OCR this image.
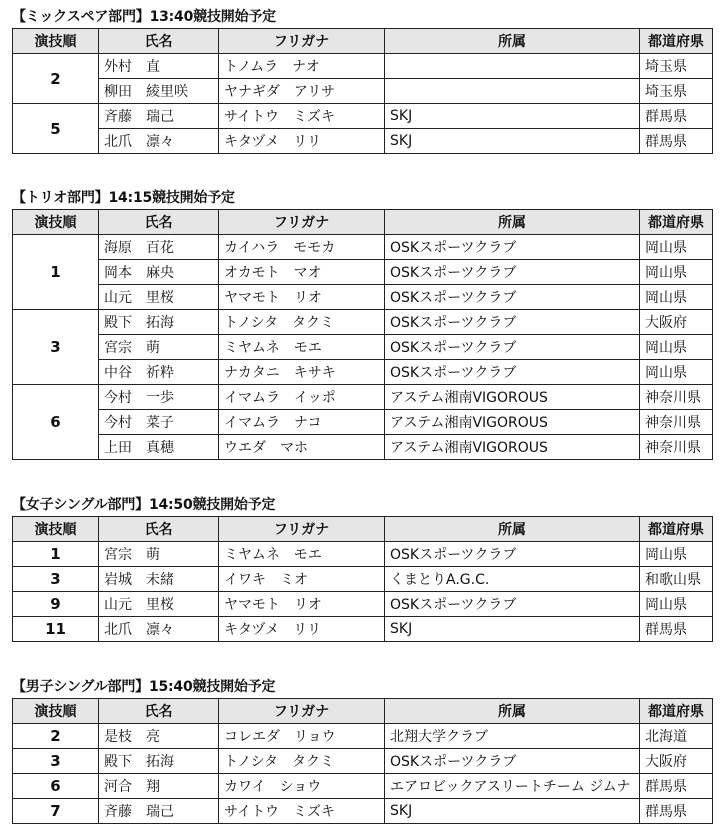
【ミックスペア部門】13:40競技開始予定
演技順	氏名	フリガナ	所属	都道府県
2	外村　直	トノムラ　ナオ		埼玉県
	柳田　綾里咲	ヤナギダ　アリサ		埼玉県
5	斉藤　瑞己	サイトウ　ミズキ	SKJ	群馬県
	北爪　凛々	キタヅメ　リリ	SKJ	群馬県
【トリオ部門】14:15競技開始予定
演技順	氏名	フリガナ	所属	都道府県
1	海原　百花	カイハラ　モモカ	OSKスポーツクラブ	岡山県
	岡本　麻央	オカモト　マオ	OSKスポーツクラブ	岡山県
	山元　里桜	ヤマモト　リオ	OSKスポーツクラブ	岡山県
3	殿下　拓海	トノシタ　タクミ	OSKスポーツクラブ	大阪府
	宮宗　萌	ミヤムネ　モエ	OSKスポーツクラブ	岡山県
	中谷　祈粋	ナカタニ　キサキ	OSKスポーツクラブ	岡山県
6	今村　一歩	イマムラ　イッポ	アステム湘南VIGOROUS	神奈川県
	今村　菜子	イマムラ　ナコ	アステム湘南VIGOROUS	神奈川県
	上田　真穂	ウエダ　マホ	アステム湘南VIGOROUS	神奈川県
【女子シングル部門】14:50競技開始予定
演技順	氏名	フリガナ	所属	都道府県
1	宮宗　萌	ミヤムネ　モエ	OSKスポーツクラブ	岡山県
3	岩城　未緒	イワキ　ミオ	くまとりA.G.C.	和歌山県
9	山元　里桜	ヤマモト　リオ	OSKスポーツクラブ	岡山県
11	北爪　凛々	キタヅメ　リリ	SKJ	群馬県
【男子シングル部門】15:40競技開始予定
演技順	氏名	フリガナ	所属	都道府県
2	是枝　亮	コレエダ　リョウ	北翔大学クラブ	北海道
3	殿下　拓海	トノシタ　タクミ	OSKスポーツクラブ	大阪府
6	河合　翔	カワイ　ショウ	エアロビックアスリートチーム ジムナ	群馬県
7	斉藤　瑞己	サイトウ　ミズキ	SKJ	群馬県
